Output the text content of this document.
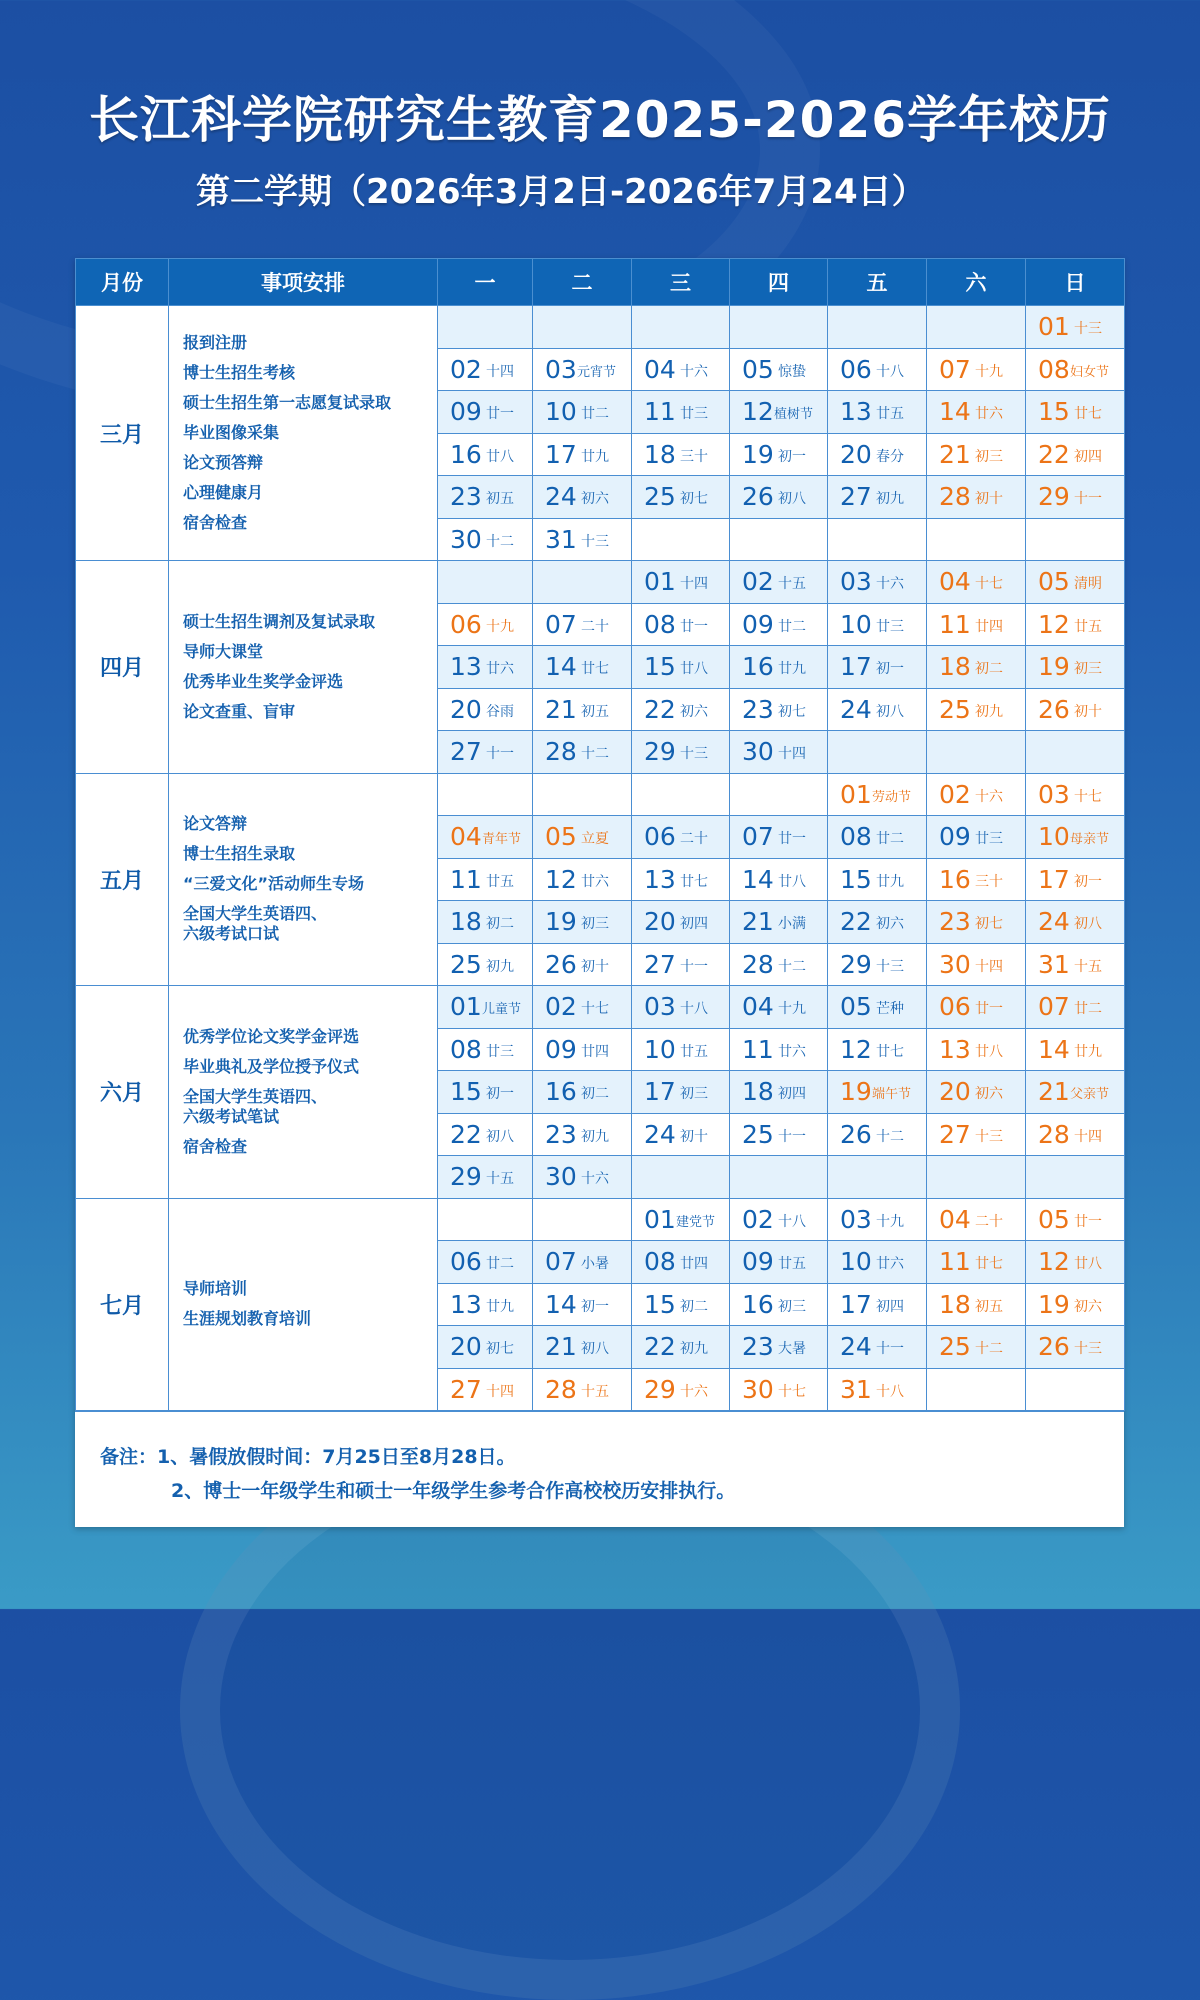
长江科学院研究生教育2025-2026学年校历
第二学期（2026年3月2日-2026年7月24日）
月份	事项安排	一	二	三	四	五	六	日
三月	
报到注册
博士生招生考核
硕士生招生第一志愿复试录取
毕业图像采集
论文预答辩
心理健康月
宿舍检查
							01 十三
		02 十四	03元宵节	04 十六	05 惊蛰	06 十八	07 十九	08妇女节
		09 廿一	10 廿二	11 廿三	12植树节	13 廿五	14 廿六	15 廿七
		16 廿八	17 廿九	18 三十	19 初一	20 春分	21 初三	22 初四
		23 初五	24 初六	25 初七	26 初八	27 初九	28 初十	29 十一
		30 十二	31 十三					
四月	硕士生招生调剂及复试录取
导师大课堂
优秀毕业生奖学金评选
论文查重、盲审			01 十四	02 十五	03 十六	04 十七	05 清明
		06 十九	07 二十	08 廿一	09 廿二	10 廿三	11 廿四	12 廿五
		13 廿六	14 廿七	15 廿八	16 廿九	17 初一	18 初二	19 初三
		20 谷雨	21 初五	22 初六	23 初七	24 初八	25 初九	26 初十
		27 十一	28 十二	29 十三	30 十四			
五月	论文答辩
博士生招生录取
“三爱文化”活动师生专场
全国大学生英语四、
六级考试口试					01劳动节	02 十六	03 十七
		04青年节	05 立夏	06 二十	07 廿一	08 廿二	09 廿三	10母亲节
		11 廿五	12 廿六	13 廿七	14 廿八	15 廿九	16 三十	17 初一
		18 初二	19 初三	20 初四	21 小满	22 初六	23 初七	24 初八
		25 初九	26 初十	27 十一	28 十二	29 十三	30 十四	31 十五
六月	优秀学位论文奖学金评选
毕业典礼及学位授予仪式
全国大学生英语四、
六级考试笔试
宿舍检查	01儿童节	02 十七	03 十八	04 十九	05 芒种	06 廿一	07 廿二
		08 廿三	09 廿四	10 廿五	11 廿六	12 廿七	13 廿八	14 廿九
		15 初一	16 初二	17 初三	18 初四	19端午节	20 初六	21父亲节
		22 初八	23 初九	24 初十	25 十一	26 十二	27 十三	28 十四
		29 十五	30 十六					
七月	导师培训
生涯规划教育培训			01建党节	02 十八	03 十九	04 二十	05 廿一
		06 廿二	07 小暑	08 廿四	09 廿五	10 廿六	11 廿七	12 廿八
		13 廿九	14 初一	15 初二	16 初三	17 初四	18 初五	19 初六
		20 初七	21 初八	22 初九	23 大暑	24 十一	25 十二	26 十三
		27 十四	28 十五	29 十六	30 十七	31 十八		
备注：1、暑假放假时间：7月25日至8月28日。
2、博士一年级学生和硕士一年级学生参考合作高校校历安排执行。
